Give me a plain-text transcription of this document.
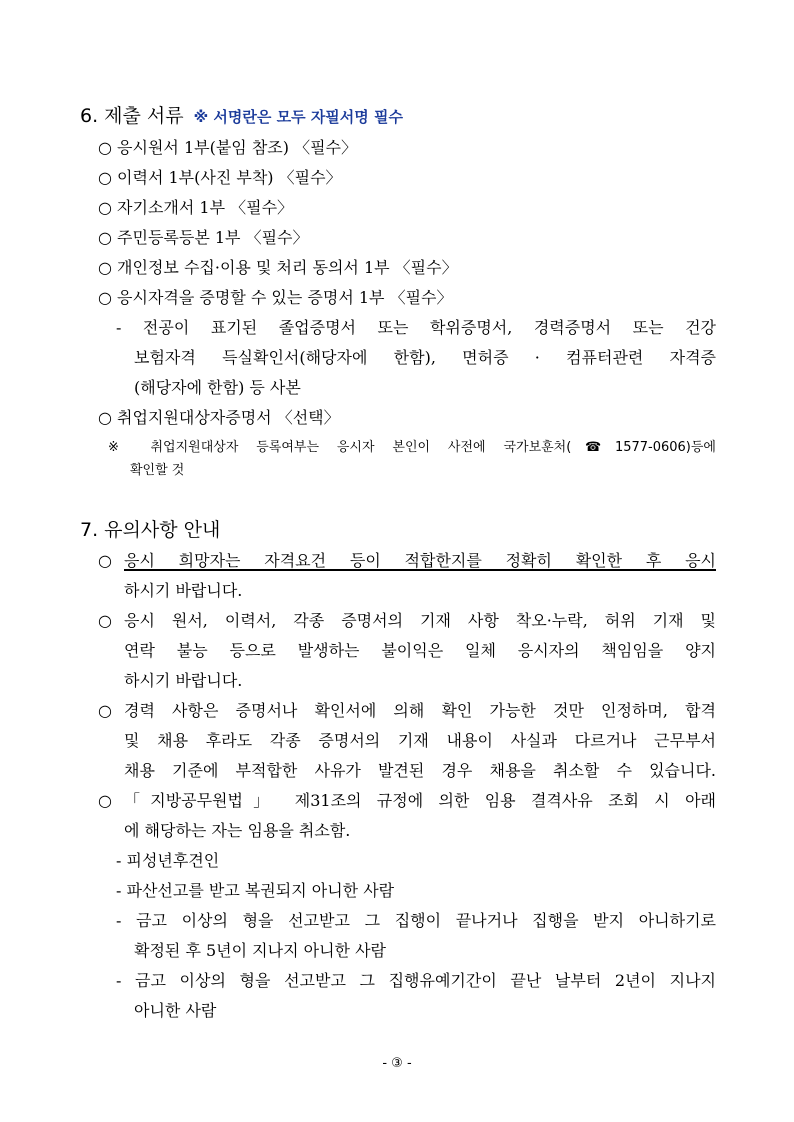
6. 제출 서류 ※ 서명란은 모두 자필서명 필수
○ 응시원서 1부(붙임 참조) 〈필수〉
○ 이력서 1부(사진 부착) 〈필수〉
○ 자기소개서 1부 〈필수〉
○ 주민등록등본 1부 〈필수〉
○ 개인정보 수집·이용 및 처리 동의서 1부 〈필수〉
○ 응시자격을 증명할 수 있는 증명서 1부 〈필수〉
- 전공이 표기된 졸업증명서 또는 학위증명서, 경력증명서 또는 건강
보험자격 득실확인서(해당자에 한함), 면허증 · 컴퓨터관련 자격증
(해당자에 한함) 등 사본
○ 취업지원대상자증명서 〈선택〉
※ 취업지원대상자 등록여부는 응시자 본인이 사전에 국가보훈처(☎1577-0606)등에
확인할 것
7. 유의사항 안내
○ 응시 희망자는 자격요건 등이 적합한지를 정확히 확인한 후 응시
하시기 바랍니다.
○ 응시 원서, 이력서, 각종 증명서의 기재 사항 착오·누락, 허위 기재 및
연락 불능 등으로 발생하는 불이익은 일체 응시자의 책임임을 양지
하시기 바랍니다.
○ 경력 사항은 증명서나 확인서에 의해 확인 가능한 것만 인정하며, 합격
및 채용 후라도 각종 증명서의 기재 내용이 사실과 다르거나 근무부서
채용 기준에 부적합한 사유가 발견된 경우 채용을 취소할 수 있습니다.
○ 「지방공무원법」 제31조의 규정에 의한 임용 결격사유 조회 시 아래
에 해당하는 자는 임용을 취소함.
- 피성년후견인
- 파산선고를 받고 복권되지 아니한 사람
- 금고 이상의 형을 선고받고 그 집행이 끝나거나 집행을 받지 아니하기로
확정된 후 5년이 지나지 아니한 사람
- 금고 이상의 형을 선고받고 그 집행유예기간이 끝난 날부터 2년이 지나지
아니한 사람
- ③ -
